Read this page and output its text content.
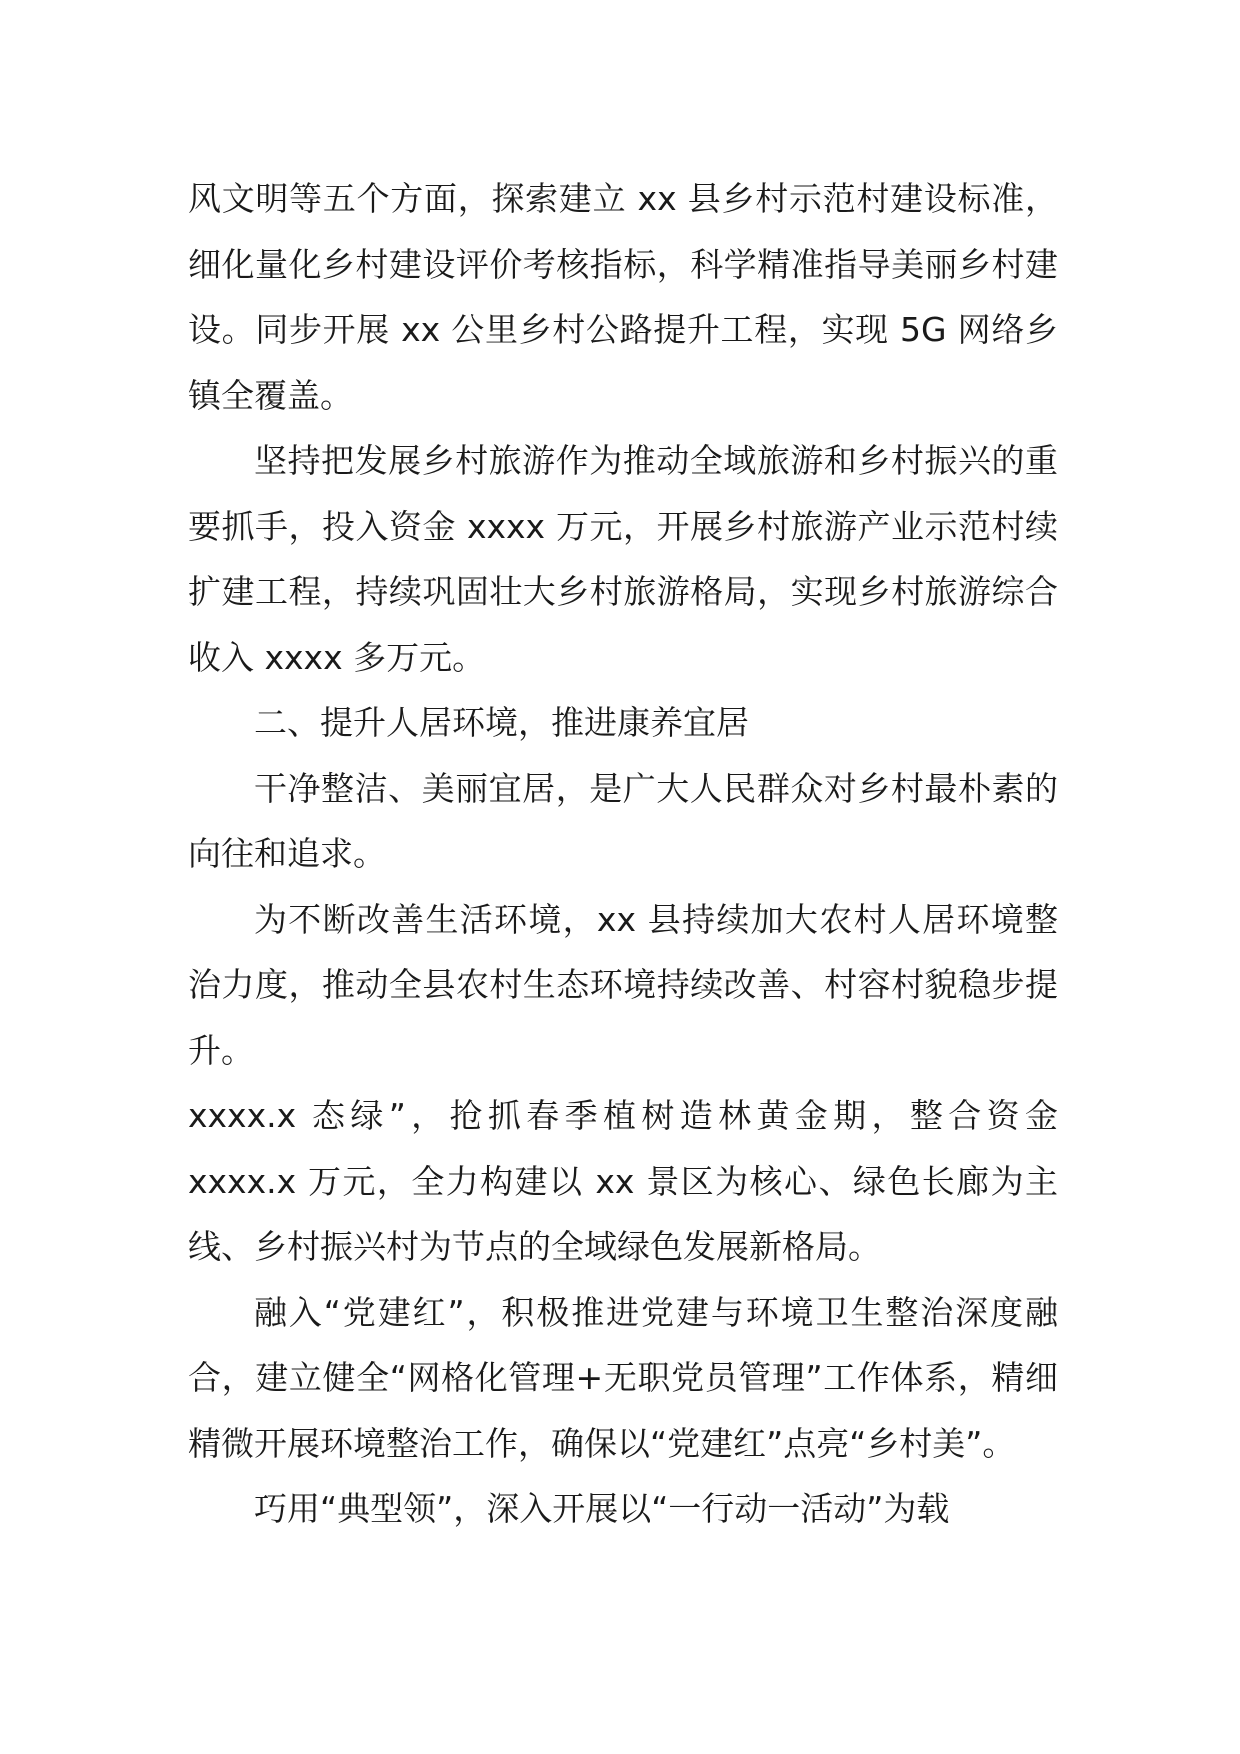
风文明等五个方面，探索建立 xx 县乡村示范村建设标准，细化量化乡村建设评价考核指标，科学精准指导美丽乡村建设。同步开展 xx 公里乡村公路提升工程，实现 5G 网络乡镇全覆盖。

坚持把发展乡村旅游作为推动全域旅游和乡村振兴的重要抓手，投入资金 xxxx 万元，开展乡村旅游产业示范村续扩建工程，持续巩固壮大乡村旅游格局，实现乡村旅游综合收入 xxxx 多万元。

二、提升人居环境，推进康养宜居

干净整洁、美丽宜居，是广大人民群众对乡村最朴素的向往和追求。

为不断改善生活环境，xx 县持续加大农村人居环境整治力度，推动全县农村生态环境持续改善、村容村貌稳步提升。

xxxx.x 态绿”，抢抓春季植树造林黄金期，整合资金 xxxx.x 万元，全力构建以 xx 景区为核心、绿色长廊为主线、乡村振兴村为节点的全域绿色发展新格局。

融入“党建红”，积极推进党建与环境卫生整治深度融合，建立健全“网格化管理+无职党员管理”工作体系，精细精微开展环境整治工作，确保以“党建红”点亮“乡村美”。

巧用“典型领”，深入开展以“一行动一活动”为载
